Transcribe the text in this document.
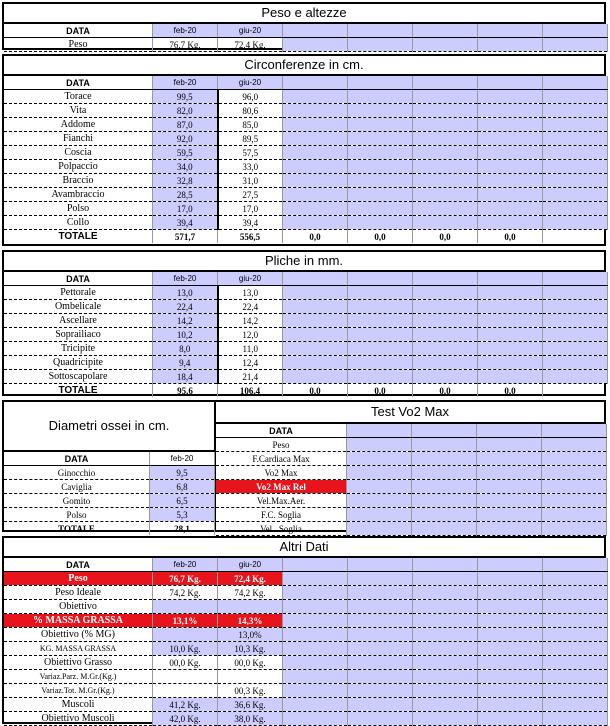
Peso e altezze
DATA	feb-20	giu-20					
Peso	76,7 Kg.	72,4 Kg.					
Circonferenze in cm.
DATA	feb-20	giu-20					
Torace	99,5	96,0					
Vita	82,0	80,6					
Addome	87,0	85,0					
Fianchi	92,0	89,5					
Coscia	59,5	57,5					
Polpaccio	34,0	33,0					
Braccio	32,8	31,0					
Avambraccio	28,5	27,5					
Polso	17,0	17,0					
Collo	39,4	39,4					
TOTALE	571,7	556,5	0,0	0,0	0,0	0,0	
Pliche in mm.
DATA	feb-20	giu-20					
Pettorale	13,0	13,0					
Ombelicale	22,4	22,4					
Ascellare	14,2	14,2					
Soprailiaco	10,2	12,0					
Tricipite	8,0	11,0					
Quadricipite	9,4	12,4					
Sottoscapolare	18,4	21,4					
TOTALE	95,6	106,4	0,0	0,0	0,0	0,0	
Diametri ossei in cm.
DATA	feb-20
Ginocchio	9,5
Caviglia	6,8
Gomito	6,5
Polso	5,3
TOTALE	28,1
Test Vo2 Max
DATA				
Peso				
F.Cardiaca Max				
Vo2 Max				
Vo2 Max Rel				
Vel.Max.Aer.				
F.C. Soglia				
Vel . Soglia				
Altri Dati
DATA	feb-20	giu-20					
Peso	76,7 Kg.	72,4 Kg.					
Peso Ideale	74,2 Kg.	74,2 Kg.					
Obiettivo							
% MASSA GRASSA	13,1%	14,3%					
Obiettivo (% MG)		13,0%					
KG. MASSA GRASSA	10,0 Kg.	10,3 Kg.					
Obiettivo Grasso	00,0 Kg.	00,0 Kg.					
Variaz.Parz. M.Gr.(Kg.)							
Variaz.Tot. M.Gr.(Kg.)		00,3 Kg.					
Muscoli	41,2 Kg.	36,6 Kg.					
Obiettivo Muscoli	42,0 Kg.	38,0 Kg.					
